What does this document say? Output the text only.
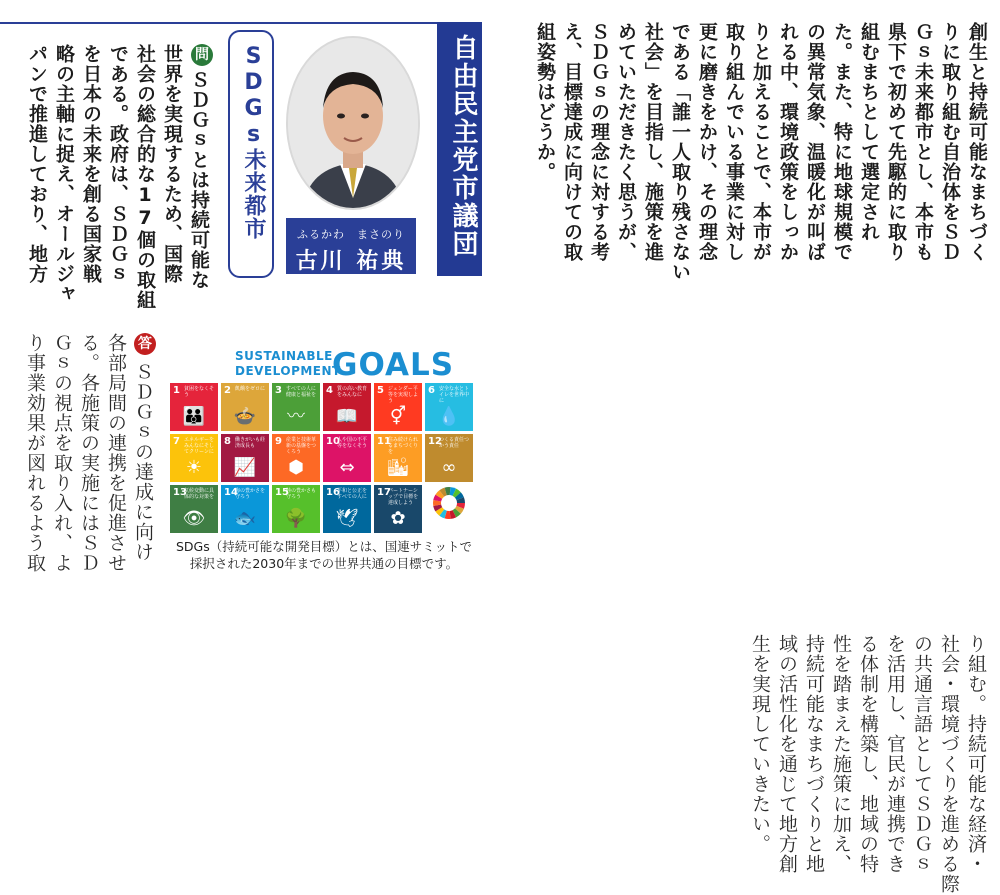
自由民主党市議団
ふるかわ　まさのり
古川 祐典
SDGs未来都市
問
ＳＤＧｓとは持続可能な
世界を実現するため、国際
社会の総合的な17個の取組
である。政府は、ＳＤＧｓ
を日本の未来を創る国家戦
略の主軸に捉え、オールジャ
パンで推進しており、地方	創生と持続可能なまちづく
りに取り組む自治体をＳＤ
Ｇｓ未来都市とし、本市も
県下で初めて先駆的に取り
組むまちとして選定され
た。また、特に地球規模で
の異常気象、温暖化が叫ば
れる中、環境政策をしっか
りと加えることで、本市が
取り組んでいる事業に対し
更に磨きをかけ、その理念
である「誰一人取り残さない
社会」を目指し、施策を進
めていただきたく思うが、
ＳＤＧｓの理念に対する考
え、目標達成に向けての取
組姿勢はどうか。
答
ＳＤＧｓの達成に向け
各部局間の連携を促進させ
る。各施策の実施にはＳＤ
Ｇｓの視点を取り入れ、よ
り事業効果が図れるよう取
り組む。持続可能な経済・
社会・環境づくりを進める際
の共通言語としてＳＤＧｓ
を活用し、官民が連携でき
る体制を構築し、地域の特
性を踏まえた施策に加え、
持続可能なまちづくりと地
域の活性化を通じて地方創
生を実現していきたい。
SUSTAINABLE
DEVELOPMENT
GOALS
1 貧困をなくそう
👪
2 飢餓をゼロに
🍲
3 すべての人に健康と福祉を
〰
4 質の高い教育をみんなに
📖
5 ジェンダー平等を実現しよう
⚥
6 安全な水とトイレを世界中に
💧
7 エネルギーをみんなにそしてクリーンに
☀
8 働きがいも経済成長も
📈
9 産業と技術革新の基盤をつくろう
⬢
10
人や国の不平等をなくそう
⇔
11
住み続けられるまちづくりを
🏙
12
つくる責任つかう責任
∞
13
気候変動に具体的な対策を
👁
14
海の豊かさを守ろう
🐟
15
陸の豊かさも守ろう
🌳
16
平和と公正をすべての人に
🕊
17
パートナーシップで目標を達成しよう
✿
SDGs（持続可能な開発目標）とは、国連サミットで
採択された2030年までの世界共通の目標です。
